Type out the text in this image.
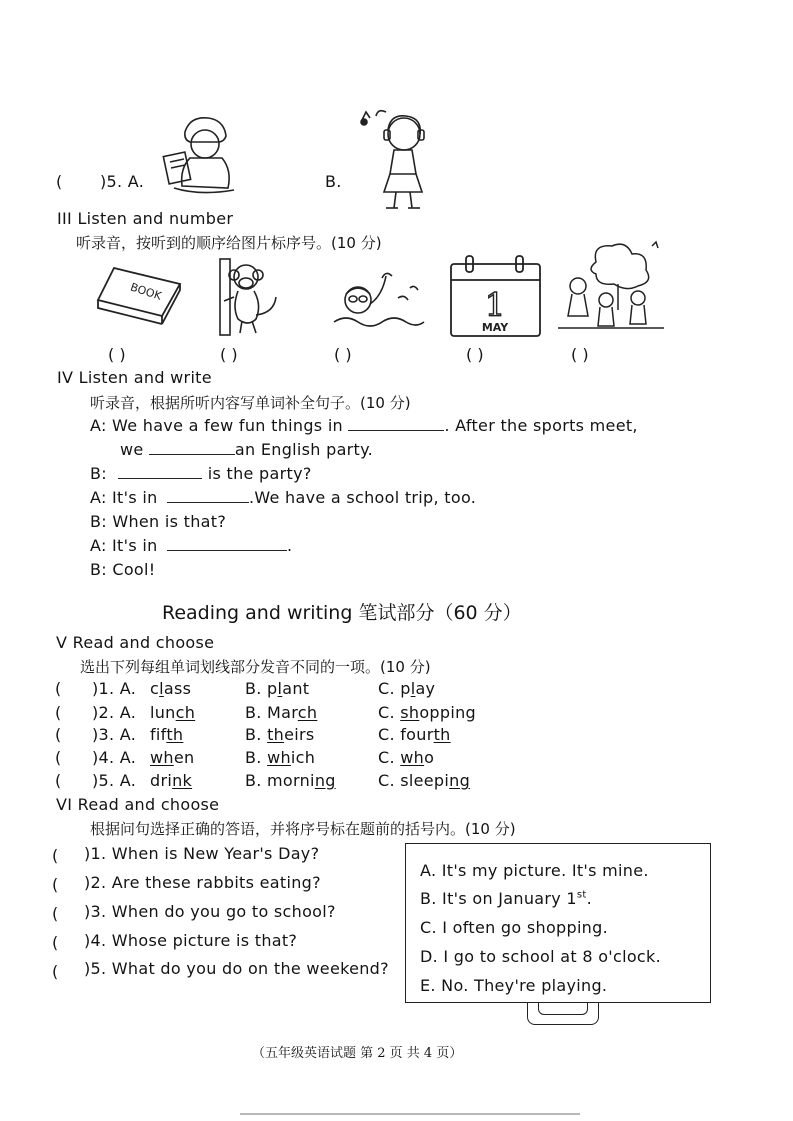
( )5. A.	B.
III Listen and number
听录音，按听到的顺序给图片标序号。(10 分)
BOOK	1
MAY
( )	( )	( )	( )	( )
IV Listen and write
听录音，根据所听内容写单词补全句子。(10 分)
A: We have a few fun things in	. After the sports meet,
we	an English party.
B:	is the party?
A: It's in	.We have a school trip, too.
B: When is that?
A: It's in	.
B: Cool!
Reading and writing 笔试部分（60 分）
V Read and choose
选出下列每组单词划线部分发音不同的一项。(10 分)
( )1. A. class	B. plant	C. play
( )2. A. lunch	B. March	C. shopping
( )3. A. fifth	B. theirs	C. fourth
( )4. A. when	B. which	C. who
( )5. A. drink	B. morning	C. sleeping
VI Read and choose
根据问句选择正确的答语，并将序号标在题前的括号内。(10 分)
( )1. When is New Year's Day?
( )2. Are these rabbits eating?
( )3. When do you go to school?
( )4. Whose picture is that?
( )5. What do you do on the weekend?
A. It's my picture. It's mine.
B. It's on January 1st.
C. I often go shopping.
D. I go to school at 8 o'clock.
E. No. They're playing.
（五年级英语试题 第 2 页 共 4 页）
